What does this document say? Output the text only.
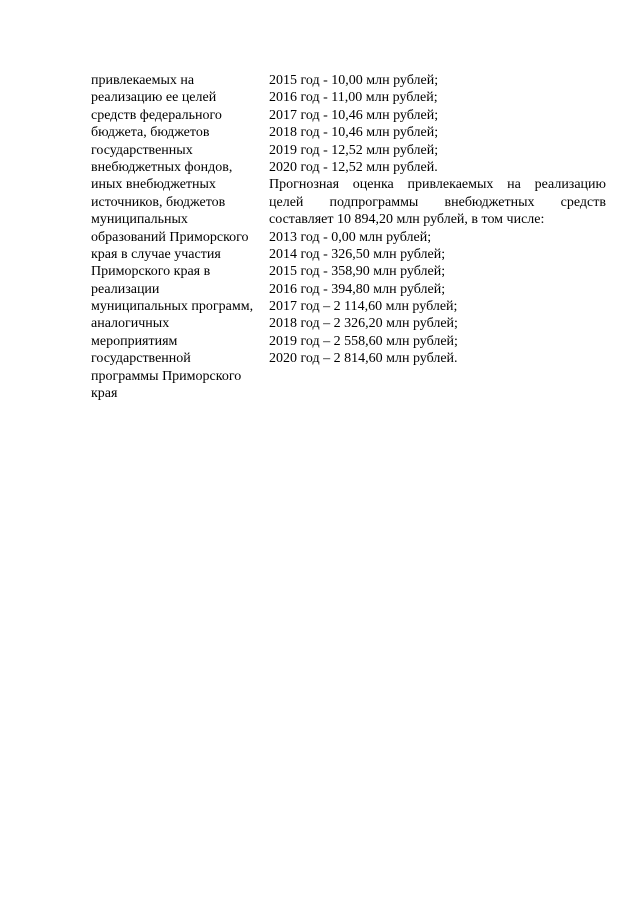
привлекаемых на
реализацию ее целей
средств федерального
бюджета, бюджетов
государственных
внебюджетных фондов,
иных внебюджетных
источников, бюджетов
муниципальных
образований Приморского
края в случае участия
Приморского края в
реализации
муниципальных программ,
аналогичных
мероприятиям
государственной
программы Приморского
края
2015 год - 10,00 млн рублей;
2016 год - 11,00 млн рублей;
2017 год - 10,46 млн рублей;
2018 год - 10,46 млн рублей;
2019 год - 12,52 млн рублей;
2020 год - 12,52 млн рублей.
Прогнозная оценка привлекаемых на реализацию
целей подпрограммы внебюджетных средств
составляет 10 894,20 млн рублей, в том числе:
2013 год - 0,00 млн рублей;
2014 год - 326,50 млн рублей;
2015 год - 358,90 млн рублей;
2016 год - 394,80 млн рублей;
2017 год – 2 114,60 млн рублей;
2018 год – 2 326,20 млн рублей;
2019 год – 2 558,60 млн рублей;
2020 год – 2 814,60 млн рублей.
